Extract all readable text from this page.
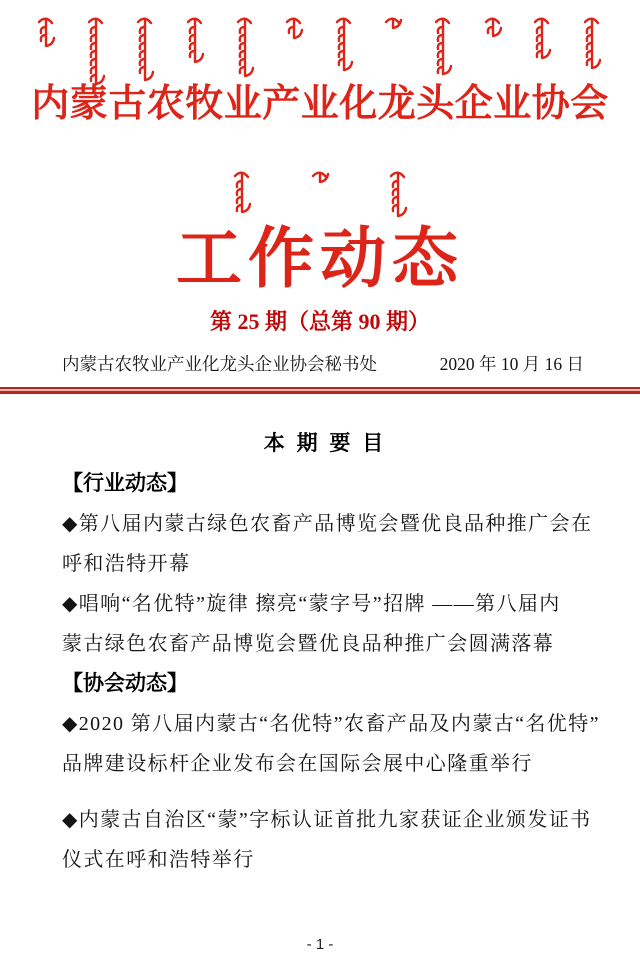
内蒙古农牧业产业化龙头企业协会
工作动态
第 25 期（总第 90 期）
内蒙古农牧业产业化龙头企业协会秘书处	2020 年 10 月 16 日
本 期 要 目
【行业动态】
◆第八届内蒙古绿色农畜产品博览会暨优良品种推广会在
呼和浩特开幕
◆唱响“名优特”旋律 擦亮“蒙字号”招牌 ——第八届内
蒙古绿色农畜产品博览会暨优良品种推广会圆满落幕
【协会动态】
◆2020 第八届内蒙古“名优特”农畜产品及内蒙古“名优特”
品牌建设标杆企业发布会在国际会展中心隆重举行
◆内蒙古自治区“蒙”字标认证首批九家获证企业颁发证书
仪式在呼和浩特举行
- 1 -
